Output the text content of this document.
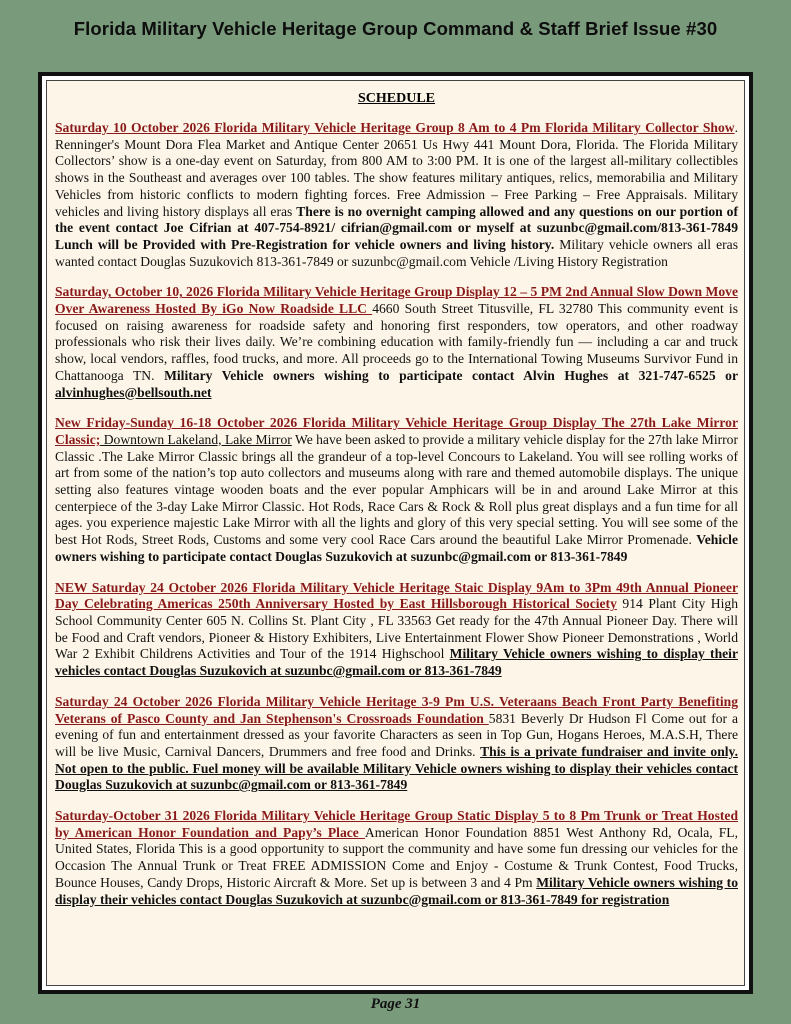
Florida Military Vehicle Heritage Group Command & Staff Brief Issue #30
SCHEDULE
Saturday 10 October 2026 Florida Military Vehicle Heritage Group 8 Am to 4 Pm Florida Military Collector Show. Renninger's Mount Dora Flea Market and Antique Center 20651 Us Hwy 441 Mount Dora, Florida. The Florida Military Collectors’ show is a one-day event on Saturday, from 800 AM to 3:00 PM. It is one of the largest all-military collectibles shows in the Southeast and averages over 100 tables. The show features military antiques, relics, memorabilia and Military Vehicles from historic conflicts to modern fighting forces. Free Admission – Free Parking – Free Appraisals. Military vehicles and living history displays all eras There is no overnight camping allowed and any questions on our portion of the event contact Joe Cifrian at 407-754-8921/ cifrian@gmail.com or myself at suzunbc@gmail.com/813-361-7849 Lunch will be Provided with Pre-Registration for vehicle owners and living history. Military vehicle owners all eras wanted contact Douglas Suzukovich 813-361-7849 or suzunbc@gmail.com Vehicle /Living History Registration
Saturday, October 10, 2026 Florida Military Vehicle Heritage Group Display 12 – 5 PM 2nd Annual Slow Down Move Over Awareness Hosted By iGo Now Roadside LLC 4660 South Street Titusville, FL 32780 This community event is focused on raising awareness for roadside safety and honoring first responders, tow operators, and other roadway professionals who risk their lives daily. We’re combining education with family-friendly fun — including a car and truck show, local vendors, raffles, food trucks, and more. All proceeds go to the International Towing Museums Survivor Fund in Chattanooga TN. Military Vehicle owners wishing to participate contact Alvin Hughes at 321-747-6525 or alvinhughes@bellsouth.net
New Friday-Sunday 16-18 October 2026 Florida Military Vehicle Heritage Group Display The 27th Lake Mirror Classic; Downtown Lakeland, Lake Mirror We have been asked to provide a military vehicle display for the 27th lake Mirror Classic .The Lake Mirror Classic brings all the grandeur of a top-level Concours to Lakeland. You will see rolling works of art from some of the nation’s top auto collectors and museums along with rare and themed automobile displays. The unique setting also features vintage wooden boats and the ever popular Amphicars will be in and around Lake Mirror at this centerpiece of the 3-day Lake Mirror Classic. Hot Rods, Race Cars & Rock & Roll plus great displays and a fun time for all ages. you experience majestic Lake Mirror with all the lights and glory of this very special setting. You will see some of the best Hot Rods, Street Rods, Customs and some very cool Race Cars around the beautiful Lake Mirror Promenade. Vehicle owners wishing to participate contact Douglas Suzukovich at suzunbc@gmail.com or 813-361-7849
NEW Saturday 24 October 2026 Florida Military Vehicle Heritage Staic Display 9Am to 3Pm 49th Annual Pioneer Day Celebrating Americas 250th Anniversary Hosted by East Hillsborough Historical Society 914 Plant City High School Community Center 605 N. Collins St. Plant City , FL 33563 Get ready for the 47th Annual Pioneer Day. There will be Food and Craft vendors, Pioneer & History Exhibiters, Live Entertainment Flower Show Pioneer Demonstrations , World War 2 Exhibit Childrens Activities and Tour of the 1914 Highschool Military Vehicle owners wishing to display their vehicles contact Douglas Suzukovich at suzunbc@gmail.com or 813-361-7849
Saturday 24 October 2026 Florida Military Vehicle Heritage 3-9 Pm U.S. Veteraans Beach Front Party Benefiting Veterans of Pasco County and Jan Stephenson's Crossroads Foundation 5831 Beverly Dr Hudson Fl Come out for a evening of fun and entertainment dressed as your favorite Characters as seen in Top Gun, Hogans Heroes, M.A.S.H, There will be live Music, Carnival Dancers, Drummers and free food and Drinks. This is a private fundraiser and invite only. Not open to the public. Fuel money will be available Military Vehicle owners wishing to display their vehicles contact Douglas Suzukovich at suzunbc@gmail.com or 813-361-7849
Saturday-October 31 2026 Florida Military Vehicle Heritage Group Static Display 5 to 8 Pm Trunk or Treat Hosted by American Honor Foundation and Papy’s Place American Honor Foundation 8851 West Anthony Rd, Ocala, FL, United States, Florida This is a good opportunity to support the community and have some fun dressing our vehicles for the Occasion The Annual Trunk or Treat FREE ADMISSION Come and Enjoy - Costume & Trunk Contest, Food Trucks, Bounce Houses, Candy Drops, Historic Aircraft & More. Set up is between 3 and 4 Pm Military Vehicle owners wishing to display their vehicles contact Douglas Suzukovich at suzunbc@gmail.com or 813-361-7849 for registration
Page 31
